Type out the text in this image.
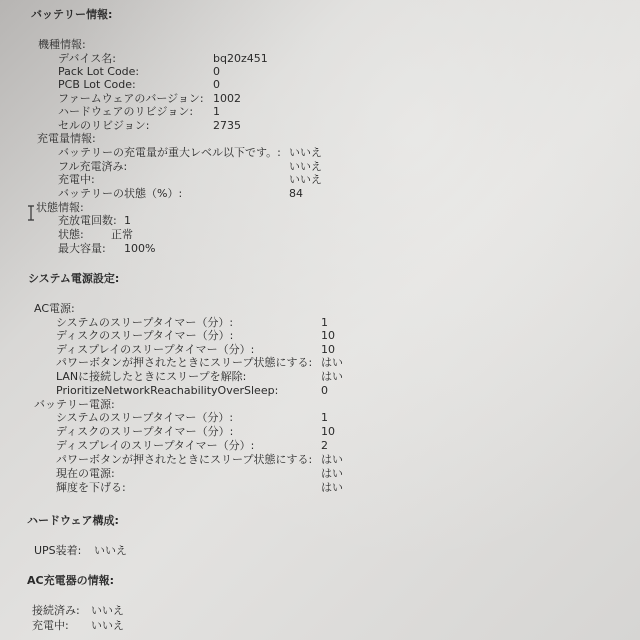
バッテリー情報:
機種情報:
デバイス名:	bq20z451
Pack Lot Code:	0
PCB Lot Code:	0
ファームウェアのバージョン: 1002
ハードウェアのリビジョン: 1
セルのリビジョン:	2735
充電量情報:
バッテリーの充電量が重大レベル以下です。: いいえ
フル充電済み:	いいえ
充電中:	いいえ
バッテリーの状態（%）:	84
状態情報:
充放電回数: 1
状態: 正常
最大容量: 100%
システム電源設定:
AC電源:
システムのスリープタイマー（分）:	1
ディスクのスリープタイマー（分）:	10
ディスプレイのスリープタイマー（分）:	10
パワーボタンが押されたときにスリープ状態にする: はい
LANに接続したときにスリープを解除:	はい
PrioritizeNetworkReachabilityOverSleep:	0
バッテリー電源:
システムのスリープタイマー（分）:	1
ディスクのスリープタイマー（分）:	10
ディスプレイのスリープタイマー（分）:	2
パワーボタンが押されたときにスリープ状態にする: はい
現在の電源:	はい
輝度を下げる:	はい
ハードウェア構成:
UPS装着: いいえ
AC充電器の情報:
接続済み: いいえ
充電中: いいえ
